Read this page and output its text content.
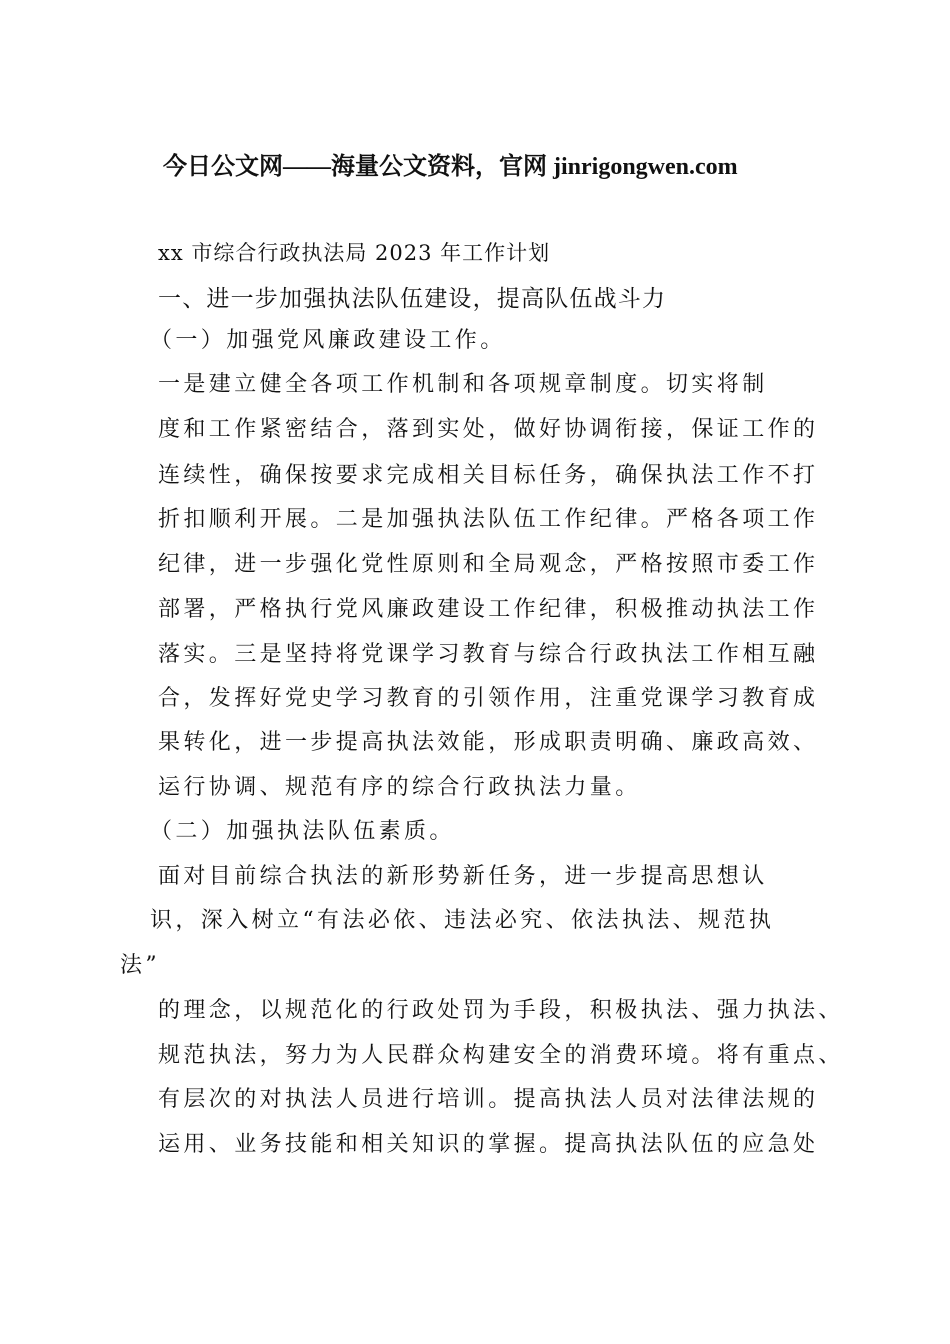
今日公文网——海量公文资料，官网 jinrigongwen.com
xx 市综合行政执法局 2023 年工作计划
一、进一步加强执法队伍建设，提高队伍战斗力
（一）加强党风廉政建设工作。
一是建立健全各项工作机制和各项规章制度。切实将制
度和工作紧密结合，落到实处，做好协调衔接，保证工作的
连续性，确保按要求完成相关目标任务，确保执法工作不打
折扣顺利开展。二是加强执法队伍工作纪律。严格各项工作
纪律，进一步强化党性原则和全局观念，严格按照市委工作
部署，严格执行党风廉政建设工作纪律，积极推动执法工作
落实。三是坚持将党课学习教育与综合行政执法工作相互融
合，发挥好党史学习教育的引领作用，注重党课学习教育成
果转化，进一步提高执法效能，形成职责明确、廉政高效、
运行协调、规范有序的综合行政执法力量。
（二）加强执法队伍素质。
面对目前综合执法的新形势新任务，进一步提高思想认
识，深入树立“有法必依、违法必究、依法执法、规范执
法”
的理念，以规范化的行政处罚为手段，积极执法、强力执法、
规范执法，努力为人民群众构建安全的消费环境。将有重点、
有层次的对执法人员进行培训。提高执法人员对法律法规的
运用、业务技能和相关知识的掌握。提高执法队伍的应急处
